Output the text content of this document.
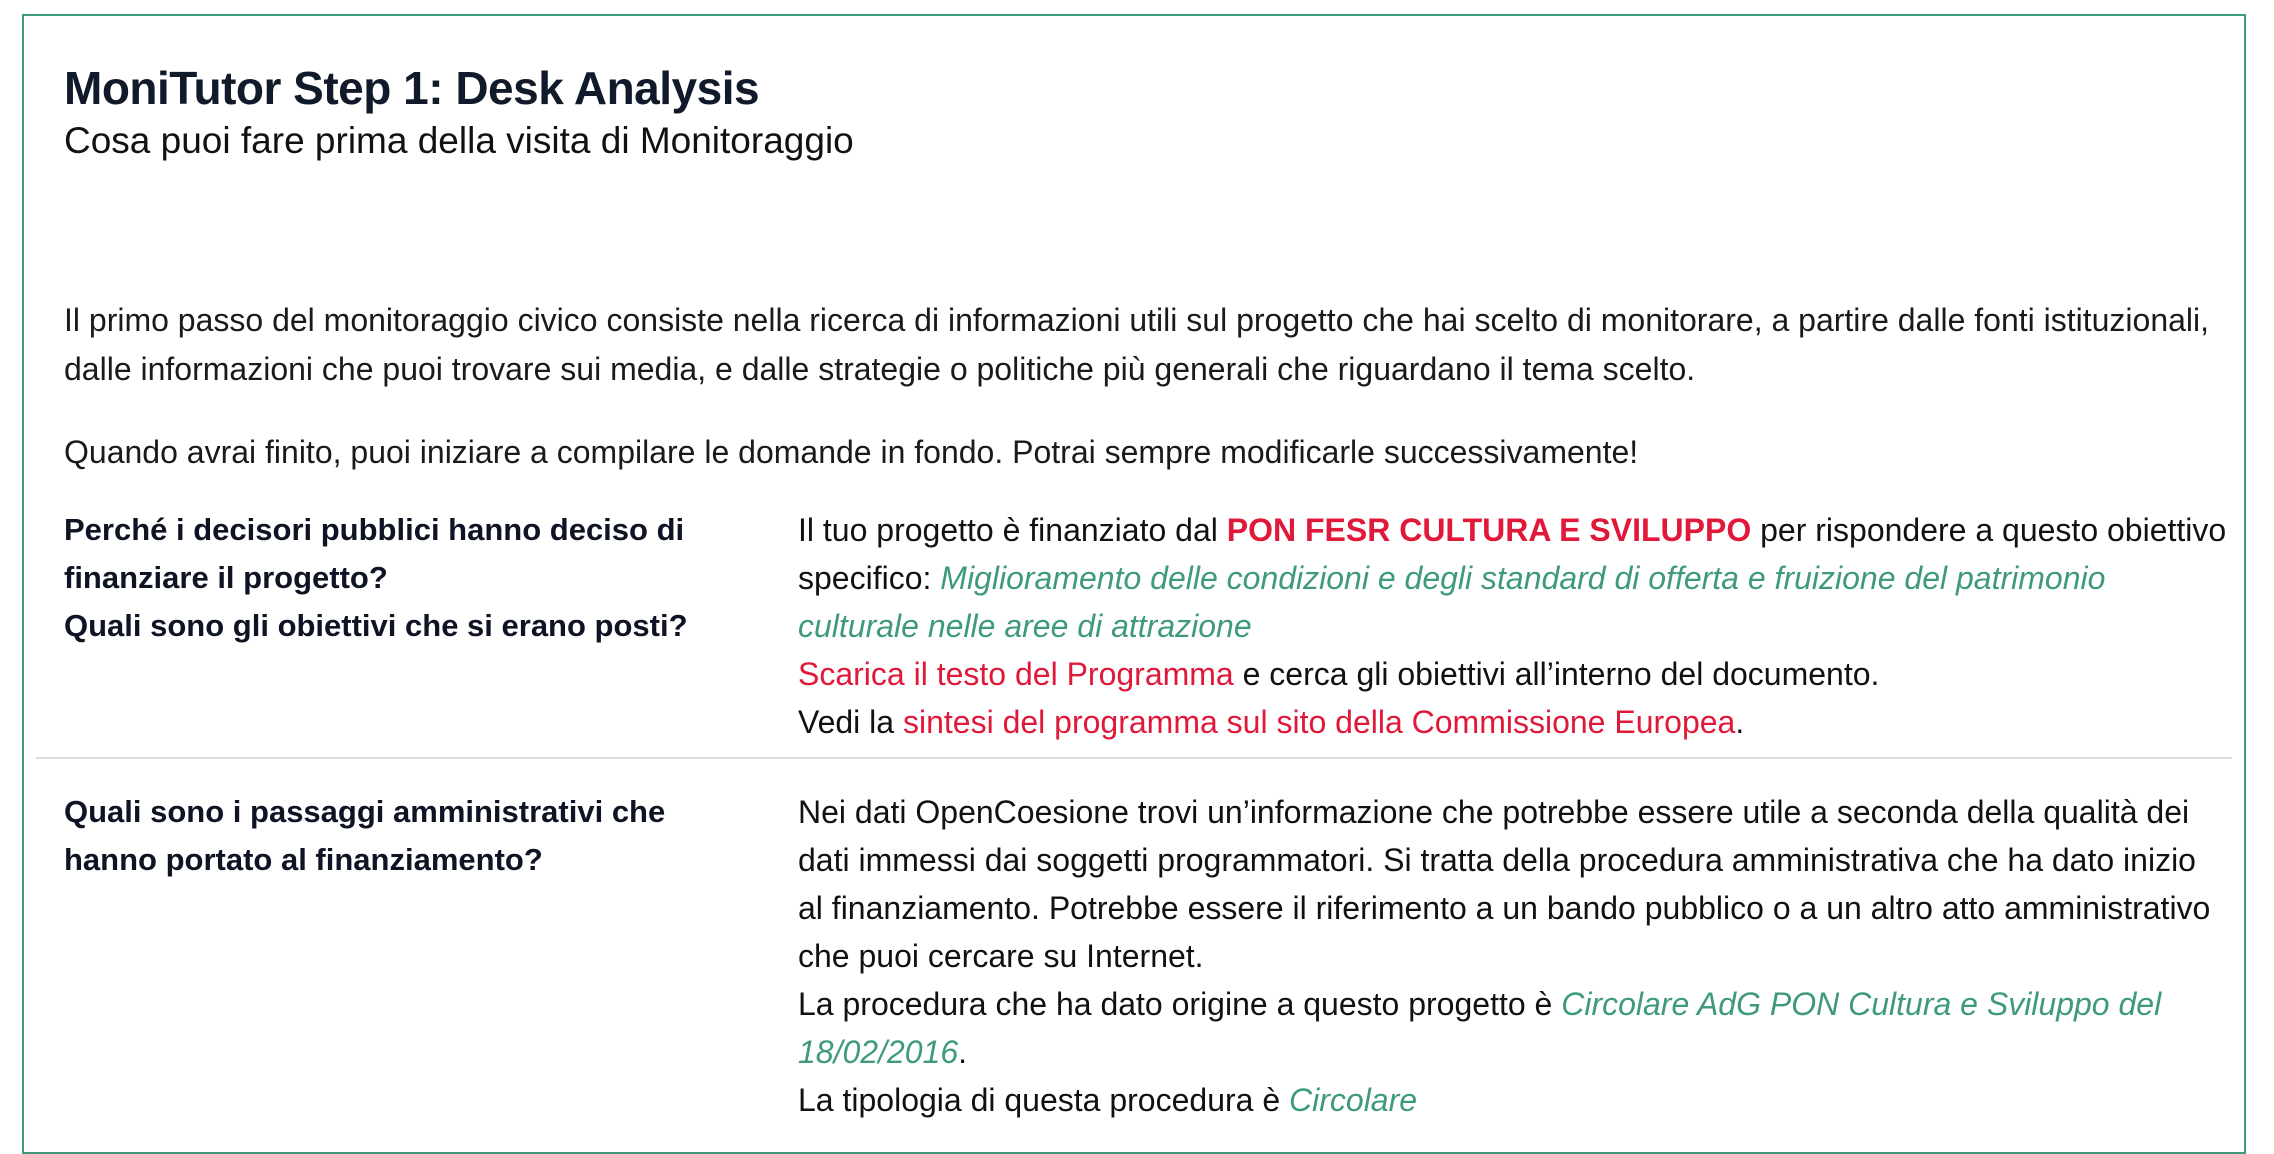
MoniTutor Step 1: Desk Analysis
Cosa puoi fare prima della visita di Monitoraggio

Il primo passo del monitoraggio civico consiste nella ricerca di informazioni utili sul progetto che hai scelto di monitorare, a partire dalle fonti istituzionali, dalle informazioni che puoi trovare sui media, e dalle strategie o politiche più generali che riguardano il tema scelto.

Quando avrai finito, puoi iniziare a compilare le domande in fondo. Potrai sempre modificarle successivamente!

Perché i decisori pubblici hanno deciso di finanziare il progetto?
Quali sono gli obiettivi che si erano posti?
Il tuo progetto è finanziato dal PON FESR CULTURA E SVILUPPO per rispondere a questo obiettivo specifico: Miglioramento delle condizioni e degli standard di offerta e fruizione del patrimonio culturale nelle aree di attrazione
Scarica il testo del Programma e cerca gli obiettivi all’interno del documento.
Vedi la sintesi del programma sul sito della Commissione Europea.
Quali sono i passaggi amministrativi che hanno portato al finanziamento?
Nei dati OpenCoesione trovi un’informazione che potrebbe essere utile a seconda della qualità dei dati immessi dai soggetti programmatori. Si tratta della procedura amministrativa che ha dato inizio al finanziamento. Potrebbe essere il riferimento a un bando pubblico o a un altro atto amministrativo che puoi cercare su Internet.
La procedura che ha dato origine a questo progetto è Circolare AdG PON Cultura e Sviluppo del 18/02/2016.
La tipologia di questa procedura è Circolare
